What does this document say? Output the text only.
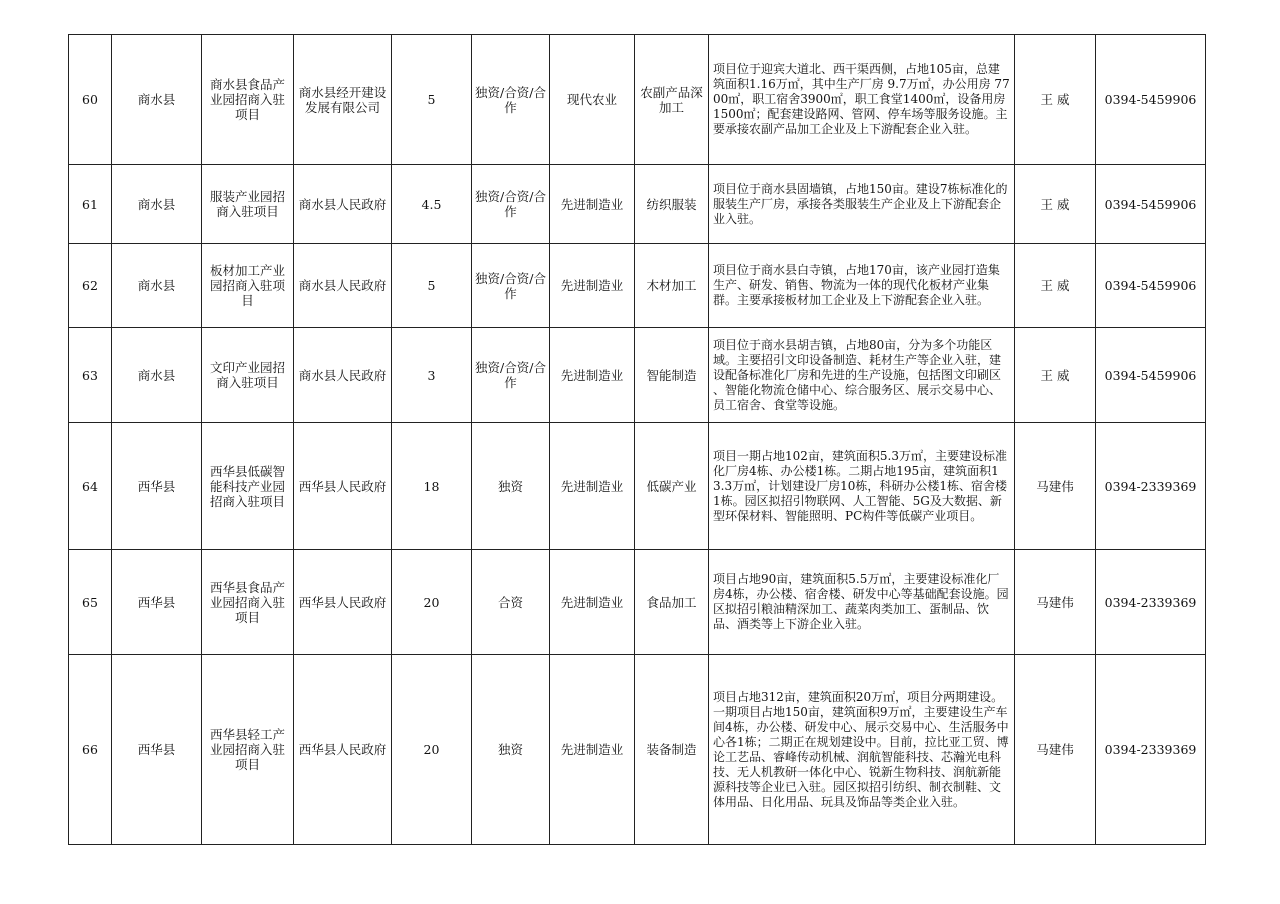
60	商水县	商水县食品产业园招商入驻项目	商水县经开建设发展有限公司	5	独资/合资/合作	现代农业	农副产品深加工	项目位于迎宾大道北、西干渠西侧，占地105亩，总建筑面积1.16万㎡，其中生产厂房 9.7万㎡，办公用房 7700㎡，职工宿舍3900㎡，职工食堂1400㎡，设备用房1500㎡；配套建设路网、管网、停车场等服务设施。主要承接农副产品加工企业及上下游配套企业入驻。	王 威	0394-5459906
61	商水县	服装产业园招商入驻项目	商水县人民政府	4.5	独资/合资/合作	先进制造业	纺织服装	项目位于商水县固墙镇，占地150亩。建设7栋标准化的服装生产厂房，承接各类服装生产企业及上下游配套企业入驻。	王 威	0394-5459906
62	商水县	板材加工产业园招商入驻项目	商水县人民政府	5	独资/合资/合作	先进制造业	木材加工	项目位于商水县白寺镇，占地170亩，该产业园打造集生产、研发、销售、物流为一体的现代化板材产业集群。主要承接板材加工企业及上下游配套企业入驻。	王 威	0394-5459906
63	商水县	文印产业园招商入驻项目	商水县人民政府	3	独资/合资/合作	先进制造业	智能制造	项目位于商水县胡吉镇，占地80亩，分为多个功能区域。主要招引文印设备制造、耗材生产等企业入驻，建设配备标准化厂房和先进的生产设施，包括图文印刷区 、智能化物流仓储中心、综合服务区、展示交易中心、员工宿舍、食堂等设施。	王 威	0394-5459906
64	西华县	西华县低碳智能科技产业园招商入驻项目	西华县人民政府	18	独资	先进制造业	低碳产业	项目一期占地102亩，建筑面积5.3万㎡，主要建设标准化厂房4栋、办公楼1栋。二期占地195亩，建筑面积13.3万㎡，计划建设厂房10栋，科研办公楼1栋、宿舍楼1栋。园区拟招引物联网、人工智能、5G及大数据、新型环保材料、智能照明、PC构件等低碳产业项目。	马建伟	0394-2339369
65	西华县	西华县食品产业园招商入驻项目	西华县人民政府	20	合资	先进制造业	食品加工	项目占地90亩，建筑面积5.5万㎡，主要建设标准化厂房4栋，办公楼、宿舍楼、研发中心等基础配套设施。园区拟招引粮油精深加工、蔬菜肉类加工、蛋制品、饮品、酒类等上下游企业入驻。	马建伟	0394-2339369
66	西华县	西华县轻工产业园招商入驻项目	西华县人民政府	20	独资	先进制造业	装备制造	项目占地312亩，建筑面积20万㎡，项目分两期建设。一期项目占地150亩，建筑面积9万㎡，主要建设生产车间4栋，办公楼、研发中心、展示交易中心、生活服务中心各1栋；二期正在规划建设中。目前，拉比亚工贸、博论工艺品、睿峰传动机械、润航智能科技、芯瀚光电科技、无人机教研一体化中心、锐新生物科技、润航新能源科技等企业已入驻。园区拟招引纺织、制衣制鞋、文体用品、日化用品、玩具及饰品等类企业入驻。	马建伟	0394-2339369
